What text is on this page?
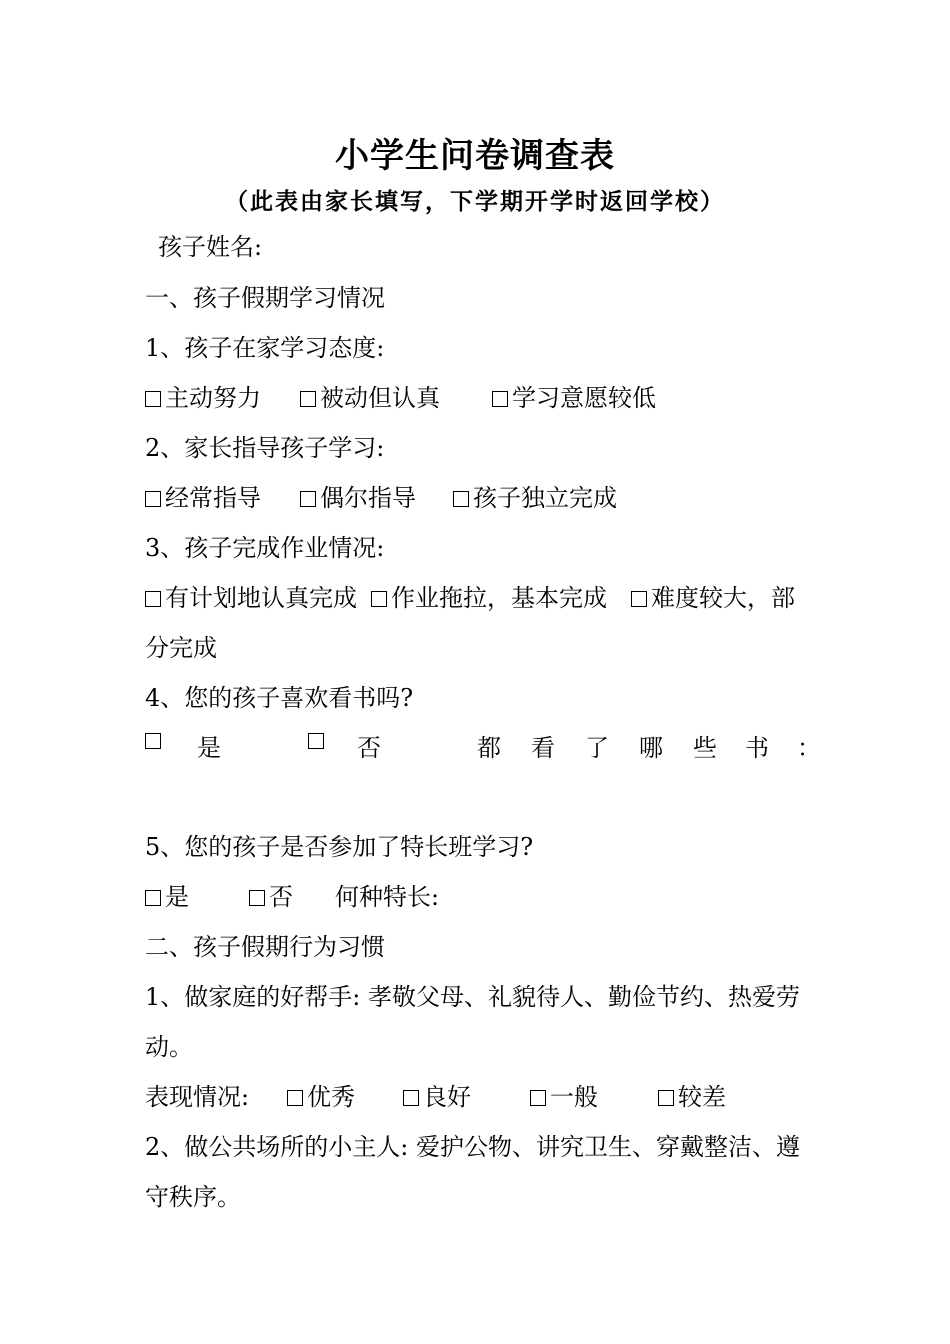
小学生问卷调查表
（此表由家长填写，下学期开学时返回学校）
孩子姓名:
一、孩子假期学习情况
1、孩子在家学习态度:
主动努力	被动但认真	学习意愿较低
2、家长指导孩子学习:
经常指导	偶尔指导	孩子独立完成
3、孩子完成作业情况:
有计划地认真完成	作业拖拉，基本完成	难度较大，部
分完成
4、您的孩子喜欢看书吗?
是	否	都 看 了 哪 些 书 ：
5、您的孩子是否参加了特长班学习?
是	否 何种特长:
二、孩子假期行为习惯
1、做家庭的好帮手: 孝敬父母、礼貌待人、勤俭节约、热爱劳
动。
表现情况:	优秀	良好	一般	较差
2、做公共场所的小主人: 爱护公物、讲究卫生、穿戴整洁、遵
守秩序。
